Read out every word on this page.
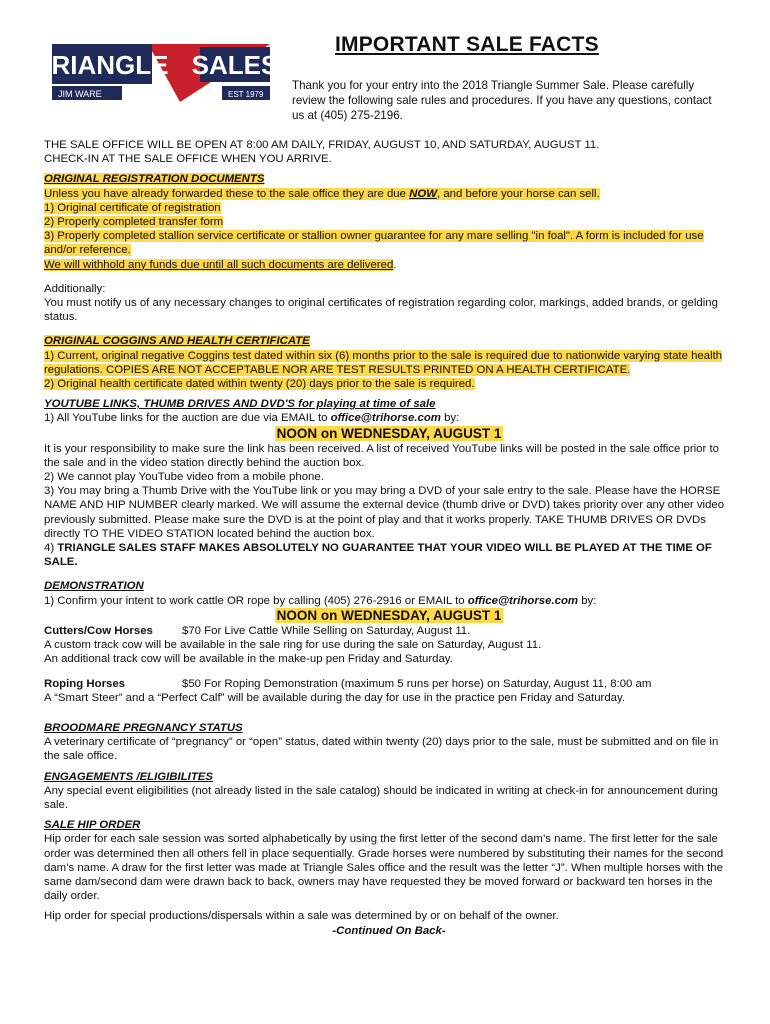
TRIANGLE SALES
JIM WARE	EST 1979
IMPORTANT SALE FACTS
Thank you for your entry into the 2018 Triangle Summer Sale. Please carefully review the following sale rules and procedures. If you have any questions, contact us at (405) 275-2196.

THE SALE OFFICE WILL BE OPEN AT 8:00 AM DAILY, FRIDAY, AUGUST 10, AND SATURDAY, AUGUST 11.

CHECK-IN AT THE SALE OFFICE WHEN YOU ARRIVE.

ORIGINAL REGISTRATION DOCUMENTS

Unless you have already forwarded these to the sale office they are due NOW, and before your horse can sell.

1) Original certificate of registration

2) Properly completed transfer form

3) Properly completed stallion service certificate or stallion owner guarantee for any mare selling "in foal". A form is included for use and/or reference.

We will withhold any funds due until all such documents are delivered.

Additionally:

You must notify us of any necessary changes to original certificates of registration regarding color, markings, added brands, or gelding status.

ORIGINAL COGGINS AND HEALTH CERTIFICATE

1) Current, original negative Coggins test dated within six (6) months prior to the sale is required due to nationwide varying state health regulations. COPIES ARE NOT ACCEPTABLE NOR ARE TEST RESULTS PRINTED ON A HEALTH CERTIFICATE.

2) Original health certificate dated within twenty (20) days prior to the sale is required.

YOUTUBE LINKS, THUMB DRIVES AND DVD'S for playing at time of sale

1) All YouTube links for the auction are due via EMAIL to office@trihorse.com by:

NOON on WEDNESDAY, AUGUST 1

It is your responsibility to make sure the link has been received. A list of received YouTube links will be posted in the sale office prior to the sale and in the video station directly behind the auction box.

2) We cannot play YouTube video from a mobile phone.

3) You may bring a Thumb Drive with the YouTube link or you may bring a DVD of your sale entry to the sale. Please have the HORSE NAME AND HIP NUMBER clearly marked. We will assume the external device (thumb drive or DVD) takes priority over any other video previously submitted. Please make sure the DVD is at the point of play and that it works properly. TAKE THUMB DRIVES OR DVDs directly TO THE VIDEO STATION located behind the auction box.

4) TRIANGLE SALES STAFF MAKES ABSOLUTELY NO GUARANTEE THAT YOUR VIDEO WILL BE PLAYED AT THE TIME OF SALE.

DEMONSTRATION

1) Confirm your intent to work cattle OR rope by calling (405) 276-2916 or EMAIL to office@trihorse.com by:

NOON on WEDNESDAY, AUGUST 1

Cutters/Cow Horses	$70 For Live Cattle While Selling on Saturday, August 11.

A custom track cow will be available in the sale ring for use during the sale on Saturday, August 11.

An additional track cow will be available in the make-up pen Friday and Saturday.

Roping Horses	$50 For Roping Demonstration (maximum 5 runs per horse) on Saturday, August 11, 8:00 am

A “Smart Steer” and a “Perfect Calf” will be available during the day for use in the practice pen Friday and Saturday.

BROODMARE PREGNANCY STATUS

A veterinary certificate of “pregnancy” or “open” status, dated within twenty (20) days prior to the sale, must be submitted and on file in the sale office.

ENGAGEMENTS /ELIGIBILITES

Any special event eligibilities (not already listed in the sale catalog) should be indicated in writing at check-in for announcement during sale.

SALE HIP ORDER

Hip order for each sale session was sorted alphabetically by using the first letter of the second dam’s name. The first letter for the sale order was determined then all others fell in place sequentially. Grade horses were numbered by substituting their names for the second dam’s name. A draw for the first letter was made at Triangle Sales office and the result was the letter “J”. When multiple horses with the same dam/second dam were drawn back to back, owners may have requested they be moved forward or backward ten horses in the daily order.

Hip order for special productions/dispersals within a sale was determined by or on behalf of the owner.

-Continued On Back-
